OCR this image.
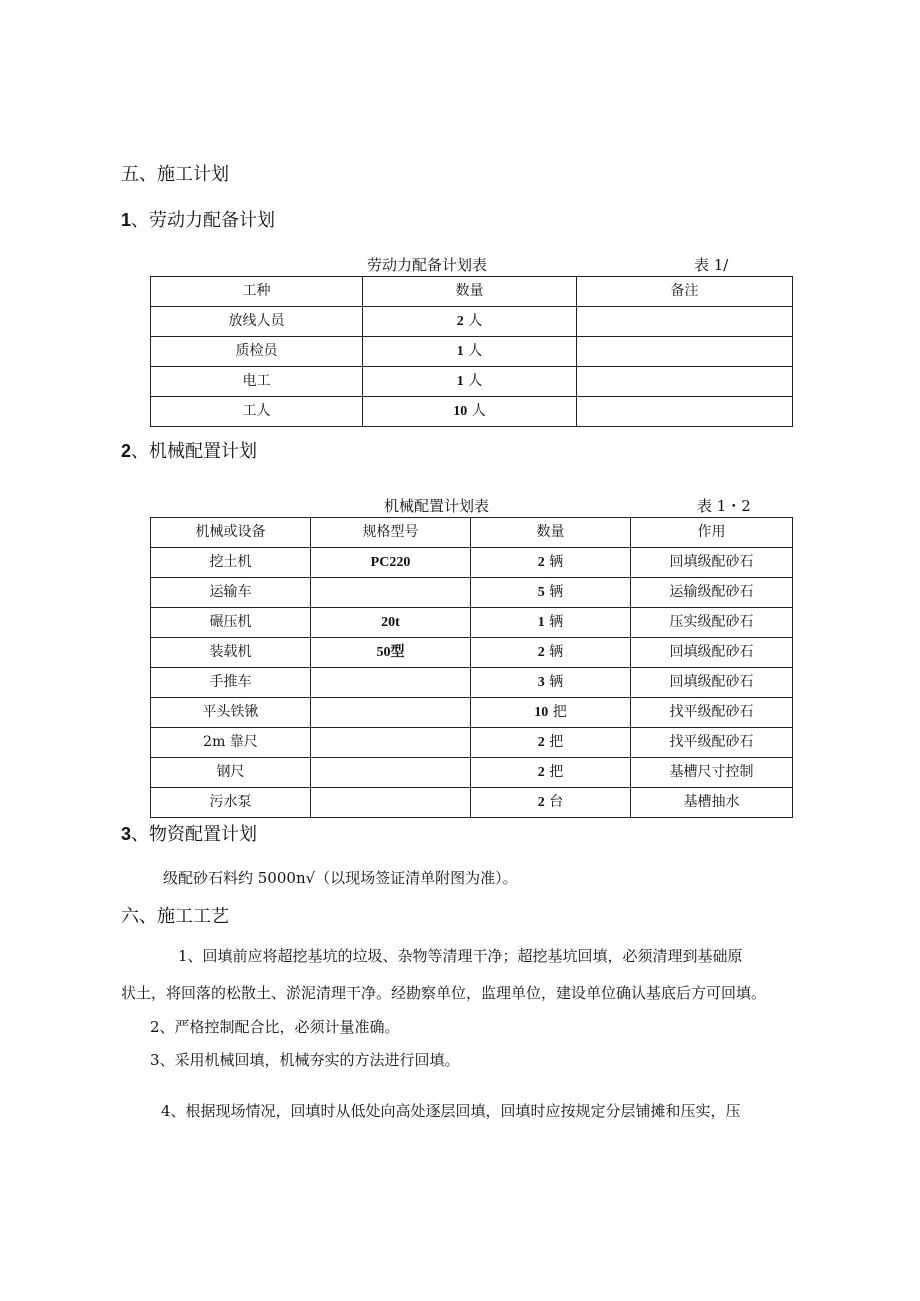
五、施工计划
1、劳动力配备计划
劳动力配备计划表	表 1/
工种	数量	备注
放线人员	2 人	
质检员	1 人	
电工	1 人	
工人	10 人	
2、机械配置计划
机械配置计划表	表 1・2
机械或设备	规格型号	数量	作用
挖土机	PC220	2 辆	回填级配砂石
运输车		5 辆	运输级配砂石
碾压机	20t	1 辆	压实级配砂石
装载机	50型	2 辆	回填级配砂石
手推车		3 辆	回填级配砂石
平头铁锹		10 把	找平级配砂石
2m 靠尺		2 把	找平级配砂石
钢尺		2 把	基槽尺寸控制
污水泵		2 台	基槽抽水
3、物资配置计划
级配砂石料约 5000n√（以现场签证清单附图为准）。
六、施工工艺
1、回填前应将超挖基坑的垃圾、杂物等清理干净；超挖基坑回填，必须清理到基础原
状土，将回落的松散土、淤泥清理干净。经勘察单位，监理单位，建设单位确认基底后方可回填。
2、严格控制配合比，必须计量准确。
3、采用机械回填，机械夯实的方法进行回填。
4、根据现场情况，回填时从低处向高处逐层回填，回填时应按规定分层铺摊和压实，压
